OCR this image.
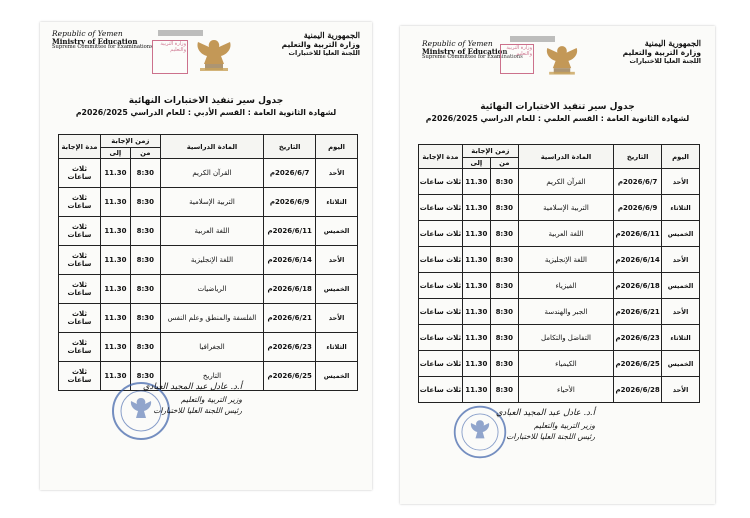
Republic of Yemen
Ministry of Education
Supreme Committee for Examinations
وزارة التربية والتعليم
الجمهورية اليمنية
وزارة التربية والتعليم
اللجنة العليا للاختبارات
جدول سير تنفيذ الاختبارات النهائية
لشهادة الثانوية العامة : القسم الأدبي : للعام الدراسي 2026/2025م
اليوم	التاريخ	المادة الدراسية	زمن الإجابة		مدة الإجابة
			من	إلى	
الأحد	2026/6/7م	القرآن الكريم	8:30	11.30	ثلاث ساعات
الثلاثاء	2026/6/9م	التربية الإسلامية	8:30	11.30	ثلاث ساعات
الخميس	2026/6/11م	اللغة العربية	8:30	11.30	ثلاث ساعات
الأحد	2026/6/14م	اللغة الإنجليزية	8:30	11.30	ثلاث ساعات
الخميس	2026/6/18م	الرياضيات	8:30	11.30	ثلاث ساعات
الأحد	2026/6/21م	الفلسفة والمنطق وعلم النفس	8:30	11.30	ثلاث ساعات
الثلاثاء	2026/6/23م	الجغرافيا	8:30	11.30	ثلاث ساعات
الخميس	2026/6/25م	التاريخ	8:30	11.30	ثلاث ساعات
أ.د. عادل عبد المجيد العبادي
وزير التربية والتعليم
رئيس اللجنة العليا للاختبارات
Republic of Yemen
Ministry of Education
Supreme Committee for Examinations
وزارة التربية والتعليم
الجمهورية اليمنية
وزارة التربية والتعليم
اللجنة العليا للاختبارات
جدول سير تنفيذ الاختبارات النهائية
لشهادة الثانوية العامة : القسم العلمي : للعام الدراسي 2026/2025م
اليوم	التاريخ	المادة الدراسية	زمن الإجابة		مدة الإجابة
			من	إلى	
الأحد	2026/6/7م	القرآن الكريم	8:30	11.30	ثلاث ساعات
الثلاثاء	2026/6/9م	التربية الإسلامية	8:30	11.30	ثلاث ساعات
الخميس	2026/6/11م	اللغة العربية	8:30	11.30	ثلاث ساعات
الأحد	2026/6/14م	اللغة الإنجليزية	8:30	11.30	ثلاث ساعات
الخميس	2026/6/18م	الفيزياء	8:30	11.30	ثلاث ساعات
الأحد	2026/6/21م	الجبر والهندسة	8:30	11.30	ثلاث ساعات
الثلاثاء	2026/6/23م	التفاضل والتكامل	8:30	11.30	ثلاث ساعات
الخميس	2026/6/25م	الكيمياء	8:30	11.30	ثلاث ساعات
الأحد	2026/6/28م	الأحياء	8:30	11.30	ثلاث ساعات
أ.د. عادل عبد المجيد العبادي
وزير التربية والتعليم
رئيس اللجنة العليا للاختبارات
